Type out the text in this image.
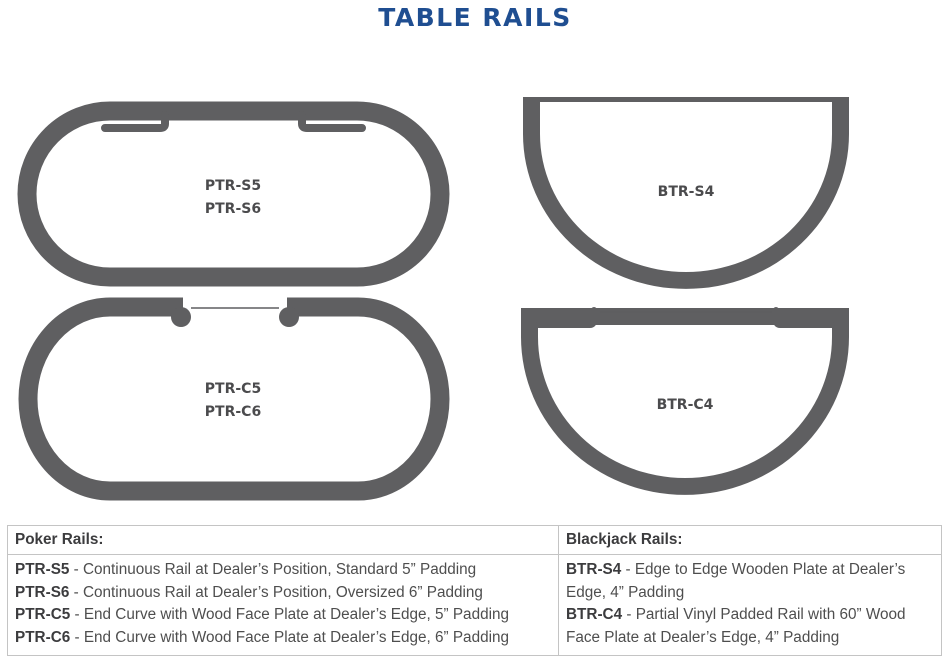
TABLE RAILS
PTR-S5
PTR-S6
PTR-C5
PTR-C6
BTR-S4
BTR-C4
Poker Rails:
PTR-S5 - Continuous Rail at Dealer’s Position, Standard 5” Padding
PTR-S6 - Continuous Rail at Dealer’s Position, Oversized 6” Padding
PTR-C5 - End Curve with Wood Face Plate at Dealer’s Edge, 5” Padding
PTR-C6 - End Curve with Wood Face Plate at Dealer’s Edge, 6” Padding
Blackjack Rails:
BTR-S4 - Edge to Edge Wooden Plate at Dealer’s Edge, 4” Padding
BTR-C4 - Partial Vinyl Padded Rail with 60” Wood Face Plate at Dealer’s Edge, 4” Padding
